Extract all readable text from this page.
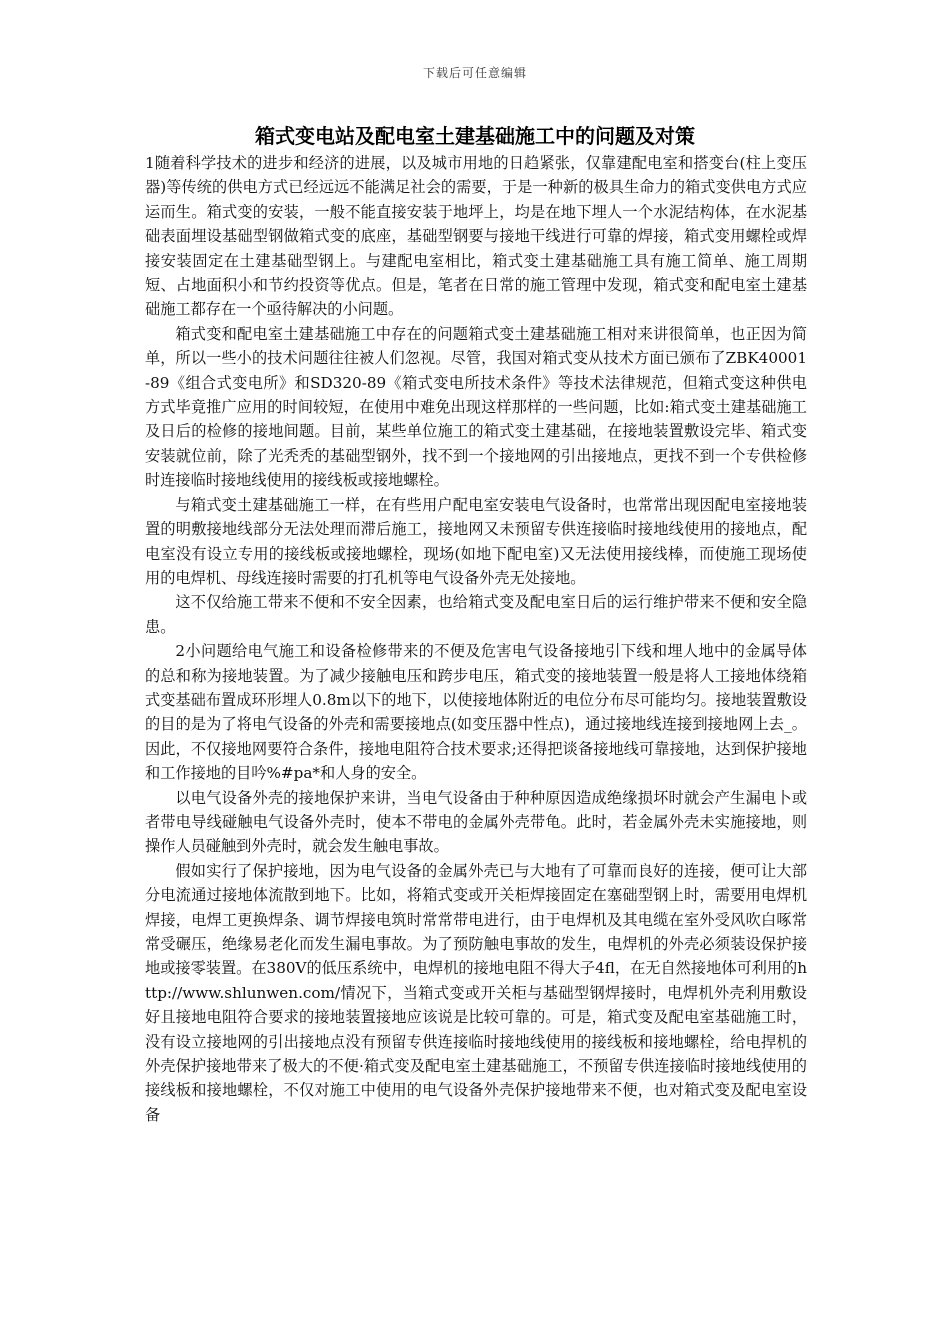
下载后可任意编辑
箱式变电站及配电室土建基础施工中的问题及对策

1随着科学技术的进步和经济的进展，以及城市用地的日趋紧张，仅靠建配电室和搭变台(柱上变压器)等传统的供电方式已经远远不能满足社会的需要，于是一种新的极具生命力的箱式变供电方式应运而生。箱式变的安装，一般不能直接安装于地坪上，均是在地下埋人一个水泥结构体，在水泥基础表面埋设基础型钢做箱式变的底座，基础型钢要与接地干线进行可靠的焊接，箱式变用螺栓或焊接安装固定在土建基础型钢上。与建配电室相比，箱式变土建基础施工具有施工简单、施工周期短、占地面积小和节约投资等优点。但是，笔者在日常的施工管理中发现，箱式变和配电室土建基础施工都存在一个亟待解决的小问题。

箱式变和配电室土建基础施工中存在的问题箱式变土建基础施工相对来讲很简单，也正因为简单，所以一些小的技术问题往往被人们忽视。尽管，我国对箱式变从技术方面已颁布了ZBK40001-89《组合式变电所》和SD320-89《箱式变电所技术条件》等技术法律规范，但箱式变这种供电方式毕竟推广应用的时间较短，在使用中难免出现这样那样的一些问题，比如:箱式变土建基础施工及日后的检修的接地间题。目前，某些单位施工的箱式变土建基础，在接地装置敷设完毕、箱式变安装就位前，除了光秃秃的基础型钢外，找不到一个接地网的引出接地点，更找不到一个专供检修时连接临时接地线使用的接线板或接地螺栓。

与箱式变土建基础施工一样，在有些用户配电室安装电气设备时，也常常出现因配电室接地装置的明敷接地线部分无法处理而滞后施工，接地网又未预留专供连接临时接地线使用的接地点，配电室没有设立专用的接线板或接地螺栓，现场(如地下配电室)又无法使用接线棒，而使施工现场使用的电焊机、母线连接时需要的打孔机等电气设备外壳无处接地。

这不仅给施工带来不便和不安全因素，也给箱式变及配电室日后的运行维护带来不便和安全隐患。

2小问题给电气施工和设备检修带来的不便及危害电气设备接地引下线和埋人地中的金属导体的总和称为接地装置。为了减少接触电压和跨步电压，箱式变的接地装置一般是将人工接地体绕箱式变基础布置成环形埋人0.8m以下的地下，以使接地体附近的电位分布尽可能均匀。接地装置敷设的目的是为了将电气设备的外壳和需要接地点(如变压器中性点)，通过接地线连接到接地网上去_。因此，不仅接地网要符合条件，接地电阻符合技术要求;还得把谈备接地线可靠接地，达到保护接地和工作接地的目吟%#pa*和人身的安全。

以电气设备外壳的接地保护来讲，当电气设备由于种种原因造成绝缘损坏时就会产生漏电卜或者带电导线碰触电气设备外壳时，使本不带电的金属外壳带龟。此时，若金属外壳未实施接地，则操作人员碰触到外壳时，就会发生触电事故。

假如实行了保护接地，因为电气设备的金属外壳已与大地有了可靠而良好的连接，便可让大部分电流通过接地体流散到地下。比如，将箱式变或开关柜焊接固定在塞础型钢上时，需要用电焊机焊接，电焊工更换焊条、调节焊接电筑时常常带电进行，由于电焊机及其电缆在室外受风吹白啄常常受碾压，绝缘易老化而发生漏电事故。为了预防触电事故的发生，电焊机的外壳必须装设保护接地或接零装置。在380V的低压系统中，电焊机的接地电阻不得大子4fl，在无自然接地体可利用的http://www.shlunwen.com/情况下，当箱式变或开关柜与基础型钢焊接时，电焊机外壳利用敷设好且接地电阻符合要求的接地装置接地应该说是比较可靠的。可是，箱式变及配电室基础施工时，没有设立接地网的引出接地点没有预留专供连接临时接地线使用的接线板和接地螺栓，给电捍机的外壳保护接地带来了极大的不便·箱式变及配电室土建基础施工，不预留专供连接临时接地线使用的接线板和接地螺栓，不仅对施工中使用的电气设备外壳保护接地带来不便，也对箱式变及配电室设备
